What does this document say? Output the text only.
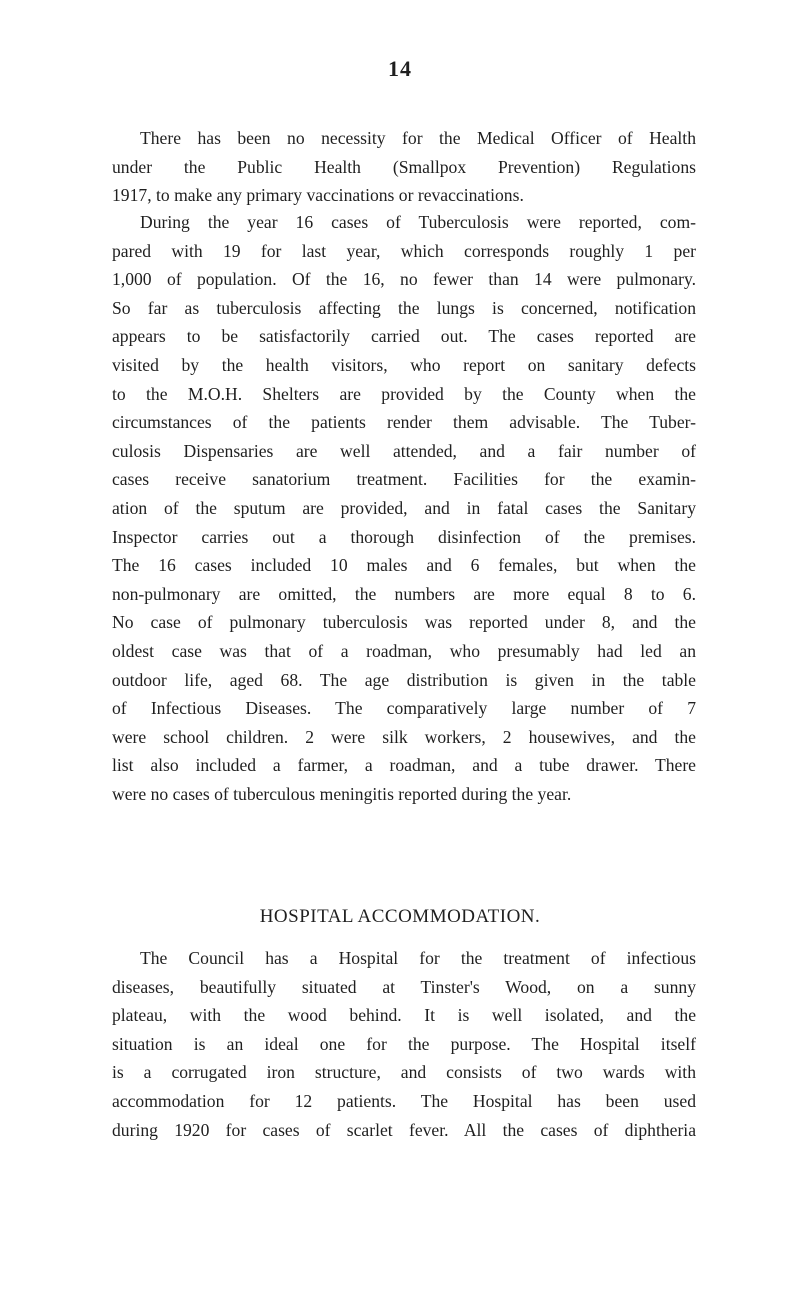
14
There has been no necessity for the Medical Officer of Health
under the Public Health (Smallpox Prevention) Regulations
1917, to make any primary vaccinations or revaccinations.
During the year 16 cases of Tuberculosis were reported, com-
pared with 19 for last year, which corresponds roughly 1 per
1,000 of population. Of the 16, no fewer than 14 were pulmonary.
So far as tuberculosis affecting the lungs is concerned, notification
appears to be satisfactorily carried out. The cases reported are
visited by the health visitors, who report on sanitary defects
to the M.O.H. Shelters are provided by the County when the
circumstances of the patients render them advisable. The Tuber-
culosis Dispensaries are well attended, and a fair number of
cases receive sanatorium treatment. Facilities for the examin-
ation of the sputum are provided, and in fatal cases the Sanitary
Inspector carries out a thorough disinfection of the premises.
The 16 cases included 10 males and 6 females, but when the
non-pulmonary are omitted, the numbers are more equal 8 to 6.
No case of pulmonary tuberculosis was reported under 8, and the
oldest case was that of a roadman, who presumably had led an
outdoor life, aged 68. The age distribution is given in the table
of Infectious Diseases. The comparatively large number of 7
were school children. 2 were silk workers, 2 housewives, and the
list also included a farmer, a roadman, and a tube drawer. There
were no cases of tuberculous meningitis reported during the year.
HOSPITAL ACCOMMODATION.
The Council has a Hospital for the treatment of infectious
diseases, beautifully situated at Tinster's Wood, on a sunny
plateau, with the wood behind. It is well isolated, and the
situation is an ideal one for the purpose. The Hospital itself
is a corrugated iron structure, and consists of two wards with
accommodation for 12 patients. The Hospital has been used
during 1920 for cases of scarlet fever. All the cases of diphtheria
